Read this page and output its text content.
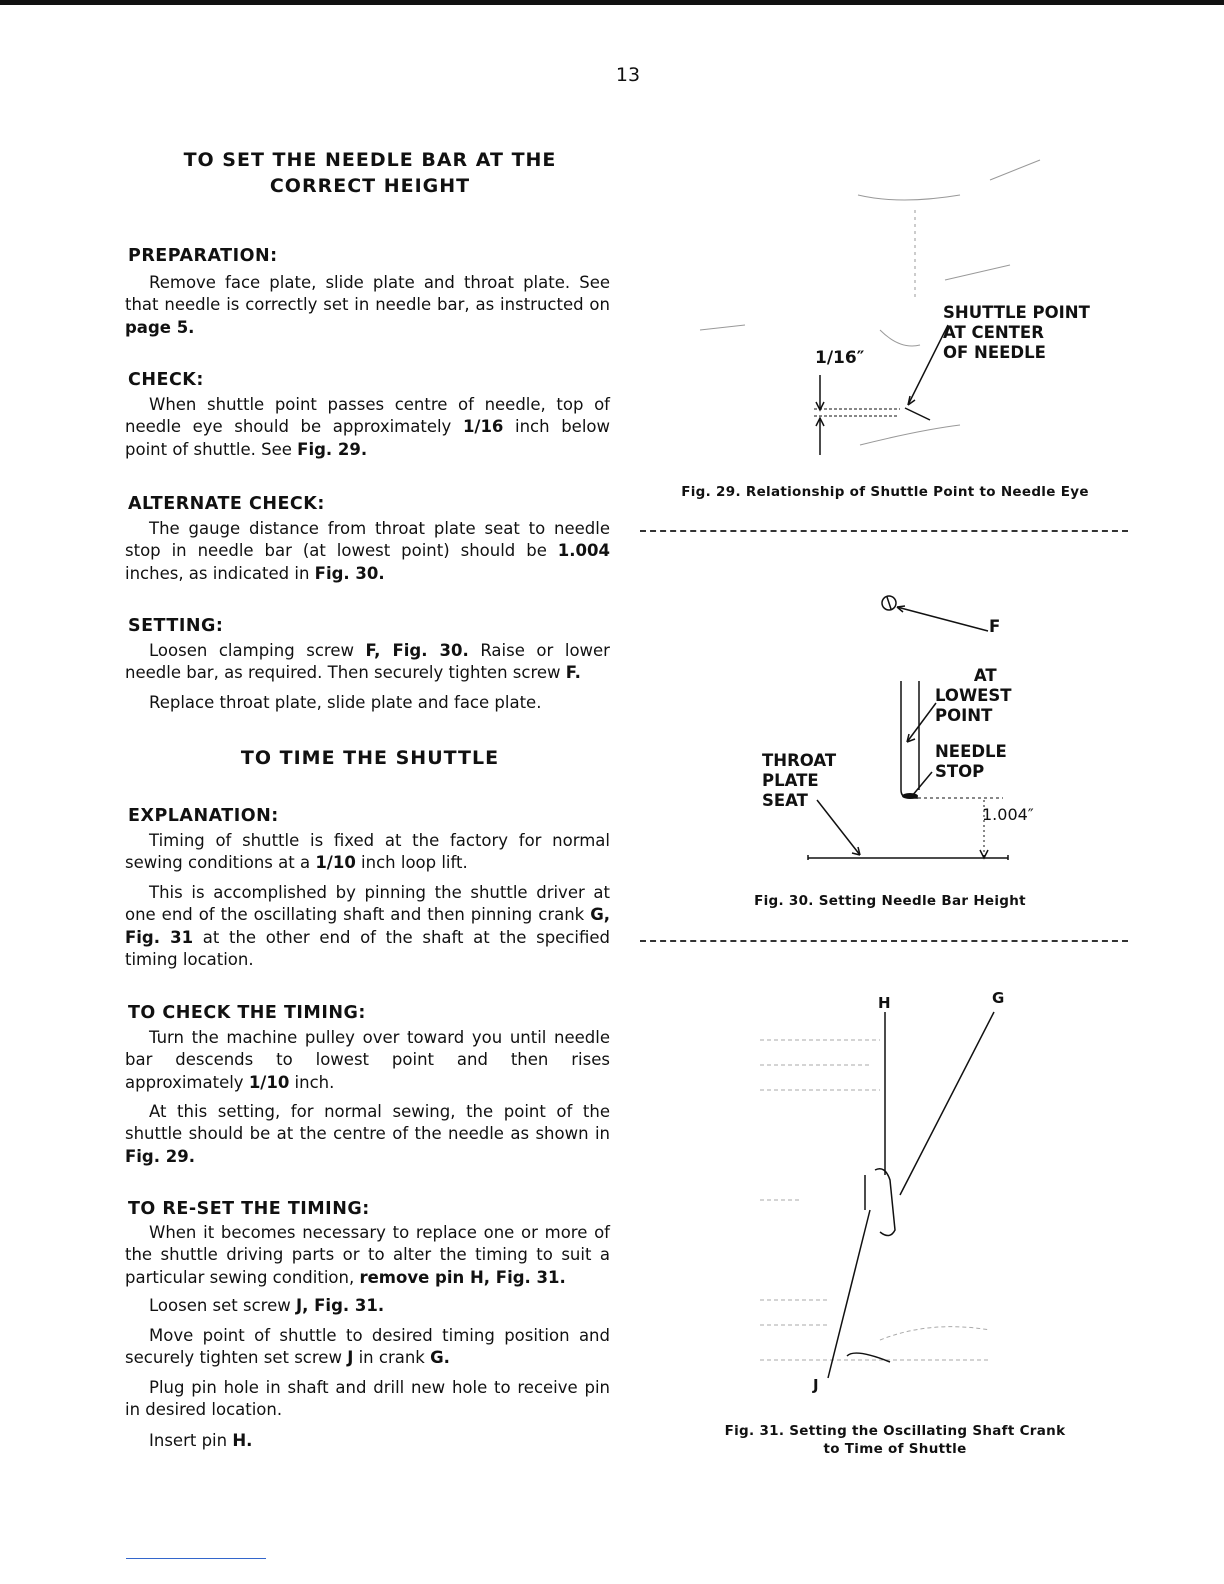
13
TO SET THE NEEDLE BAR AT THE
CORRECT HEIGHT
TO TIME THE SHUTTLE
PREPARATION:
Remove face plate, slide plate and throat plate. See that needle is correctly set in needle bar, as instructed on page 5.
CHECK:
When shuttle point passes centre of needle, top of needle eye should be approximately 1/16 inch below point of shuttle. See Fig. 29.
ALTERNATE CHECK:
The gauge distance from throat plate seat to needle stop in needle bar (at lowest point) should be 1.004 inches, as indicated in Fig. 30.
SETTING:
Loosen clamping screw F, Fig. 30. Raise or lower needle bar, as required. Then securely tighten screw F.
Replace throat plate, slide plate and face plate.
EXPLANATION:
Timing of shuttle is fixed at the factory for normal sewing conditions at a 1/10 inch loop lift.
This is accomplished by pinning the shuttle driver at one end of the oscillating shaft and then pinning crank G, Fig. 31 at the other end of the shaft at the specified timing location.
TO CHECK THE TIMING:
Turn the machine pulley over toward you until needle bar descends to lowest point and then rises approximately 1/10 inch.
At this setting, for normal sewing, the point of the shuttle should be at the centre of the needle as shown in Fig. 29.
TO RE-SET THE TIMING:
When it becomes necessary to replace one or more of the shuttle driving parts or to alter the timing to suit a particular sewing condition, remove pin H, Fig. 31.
Loosen set screw J, Fig. 31.
Move point of shuttle to desired timing position and securely tighten set screw J in crank G.
Plug pin hole in shaft and drill new hole to receive pin in desired location.
Insert pin H.
SHUTTLE POINT
AT CENTER
OF NEEDLE
1/16″
Fig. 29. Relationship of Shuttle Point to Needle Eye
F
AT
LOWEST
POINT
NEEDLE
STOP
THROAT
PLATE
SEAT
1.004″
Fig. 30. Setting Needle Bar Height
H	G
J
Fig. 31. Setting the Oscillating Shaft Crank
to Time of Shuttle
